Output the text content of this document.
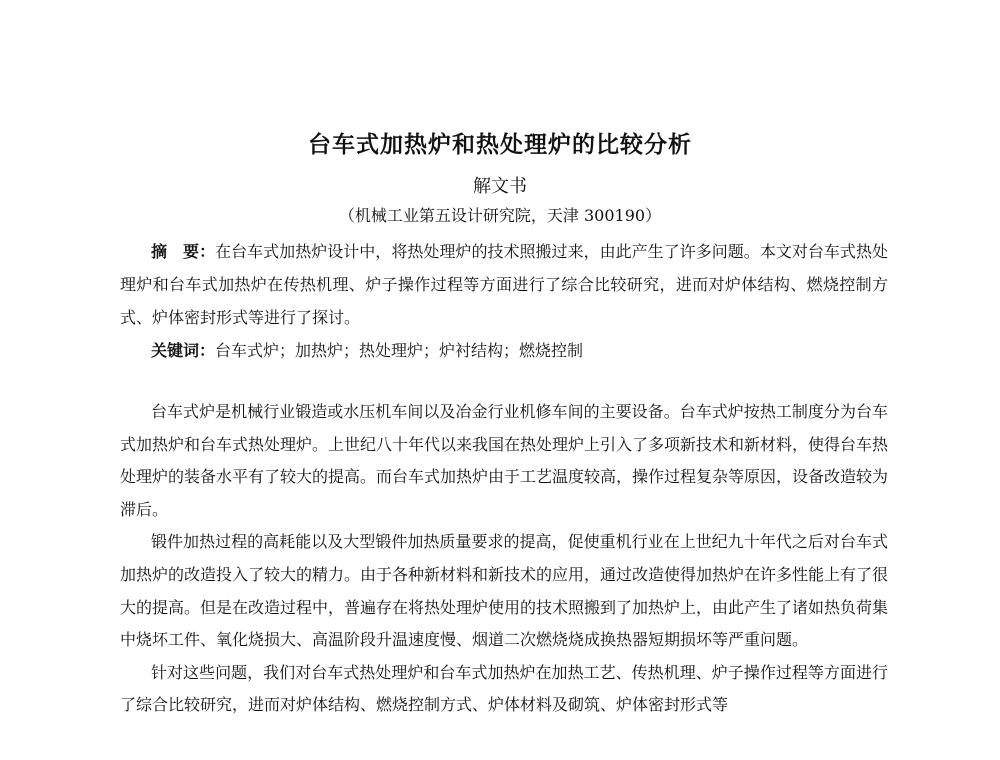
台车式加热炉和热处理炉的比较分析
解文书
（机械工业第五设计研究院，天津 300190）

摘　要：在台车式加热炉设计中，将热处理炉的技术照搬过来，由此产生了许多问题。本文对台车式热处理炉和台车式加热炉在传热机理、炉子操作过程等方面进行了综合比较研究，进而对炉体结构、燃烧控制方式、炉体密封形式等进行了探讨。

关键词：台车式炉；加热炉；热处理炉；炉衬结构；燃烧控制

台车式炉是机械行业锻造或水压机车间以及冶金行业机修车间的主要设备。台车式炉按热工制度分为台车式加热炉和台车式热处理炉。上世纪八十年代以来我国在热处理炉上引入了多项新技术和新材料，使得台车热处理炉的装备水平有了较大的提高。而台车式加热炉由于工艺温度较高，操作过程复杂等原因，设备改造较为滞后。

锻件加热过程的高耗能以及大型锻件加热质量要求的提高，促使重机行业在上世纪九十年代之后对台车式加热炉的改造投入了较大的精力。由于各种新材料和新技术的应用，通过改造使得加热炉在许多性能上有了很大的提高。但是在改造过程中，普遍存在将热处理炉使用的技术照搬到了加热炉上，由此产生了诸如热负荷集中烧坏工件、氧化烧损大、高温阶段升温速度慢、烟道二次燃烧烧成换热器短期损坏等严重问题。

针对这些问题，我们对台车式热处理炉和台车式加热炉在加热工艺、传热机理、炉子操作过程等方面进行了综合比较研究，进而对炉体结构、燃烧控制方式、炉体材料及砌筑、炉体密封形式等
